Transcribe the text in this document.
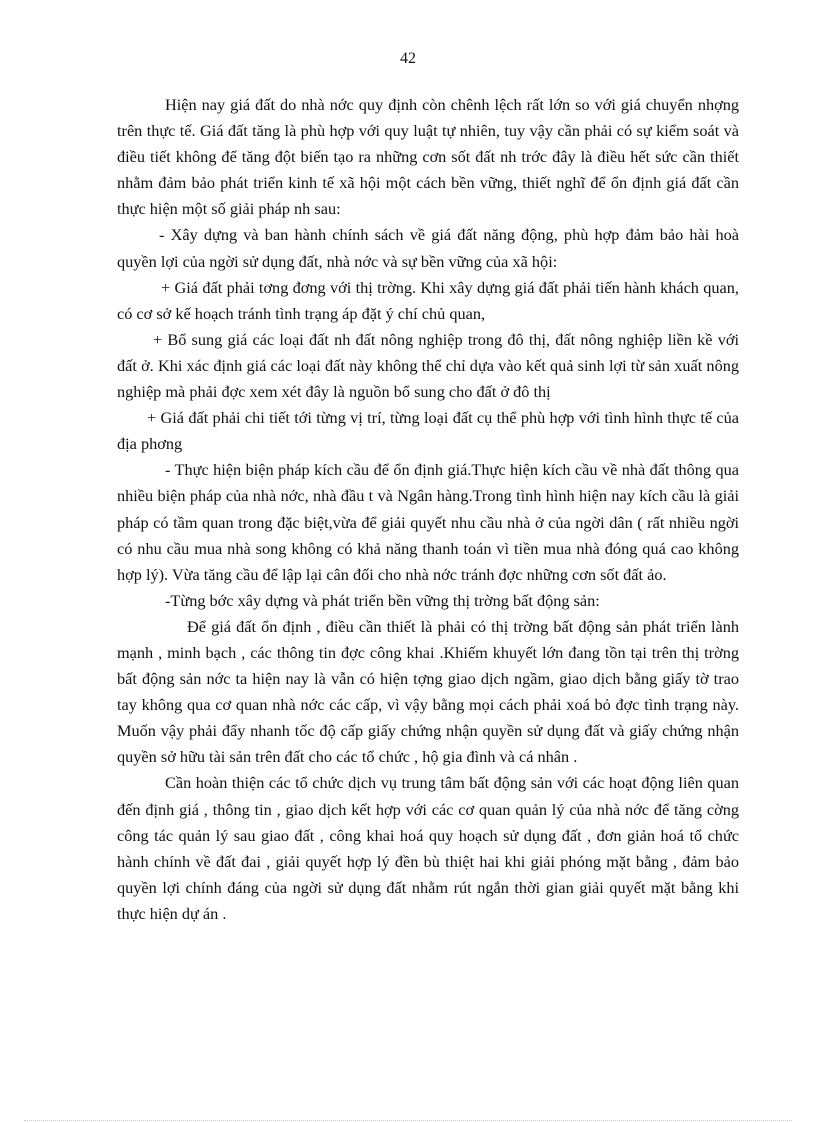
42

Hiện nay giá đất do nhà nớc quy định còn chênh lệch rất lớn so với giá chuyển nhợng trên thực tế. Giá đất tăng là phù hợp với quy luật tự nhiên, tuy vậy cần phải có sự kiểm soát và điều tiết không để tăng đột biến tạo ra những cơn sốt đất nh trớc đây là điều hết sức cần thiết nhằm đảm bảo phát triển kinh tế xã hội một cách bền vững, thiết nghĩ để ổn định giá đất cần thực hiện một số giải pháp nh sau:

- Xây dựng và ban hành chính sách về giá đất năng động, phù hợp đảm bảo hài hoà quyền lợi của ngời sử dụng đất, nhà nớc và sự bền vững của xã hội:

+ Giá đất phải tơng đơng với thị trờng. Khi xây dựng giá đất phải tiến hành khách quan, có cơ sở kế hoạch tránh tình trạng áp đặt ý chí chủ quan,

+ Bổ sung giá các loại đất nh đất nông nghiệp trong đô thị, đất nông nghiệp liền kề với đất ở. Khi xác định giá các loại đất này không thể chỉ dựa vào kết quả sinh lợi từ sản xuất nông nghiệp mà phải đợc xem xét đây là nguồn bổ sung cho đất ở đô thị

+ Giá đất phải chi tiết tới từng vị trí, từng loại đất cụ thể phù hợp với tình hình thực tế của địa phơng

- Thực hiện biện pháp kích cầu để ổn định giá.Thực hiện kích cầu về nhà đất thông qua nhiều biện pháp của nhà nớc, nhà đầu t và Ngân hàng.Trong tình hình hiện nay kích cầu là giải pháp có tầm quan trong đặc biệt,vừa để giải quyết nhu cầu nhà ở của ngời dân ( rất nhiều ngời có nhu cầu mua nhà song không có khả năng thanh toán vì tiền mua nhà đóng quá cao không hợp lý). Vừa tăng cầu để lập lại cân đối cho nhà nớc tránh đợc những cơn sốt đất ảo.

-Từng bớc xây dựng và phát triển bền vững thị trờng bất động sản:

Để giá đất ổn định , điều cần thiết là phải có thị trờng bất động sản phát triển lành mạnh , minh bạch , các thông tin đợc công khai .Khiếm khuyết lớn đang tồn tại trên thị trờng bất động sản nớc ta hiện nay là vẫn có hiện tợng giao dịch ngầm, giao dịch bằng giấy tờ trao tay không qua cơ quan nhà nớc các cấp, vì vậy bằng mọi cách phải xoá bỏ đợc tình trạng này. Muốn vậy phải đẩy nhanh tốc độ cấp giấy chứng nhận quyền sử dụng đất và giấy chứng nhận quyền sở hữu tài sản trên đất cho các tổ chức , hộ gia đình và cá nhân .

Cần hoàn thiện các tổ chức dịch vụ trung tâm bất động sản với các hoạt động liên quan đến định giá , thông tin , giao dịch kết hợp với các cơ quan quản lý của nhà nớc để tăng cờng công tác quản lý sau giao đất , công khai hoá quy hoạch sử dụng đất , đơn giản hoá tổ chức hành chính về đất đai , giải quyết hợp lý đền bù thiệt hai khi giải phóng mặt bằng , đảm bảo quyền lợi chính đáng của ngời sử dụng đất nhằm rút ngắn thời gian giải quyết mặt bằng khi thực hiện dự án .
